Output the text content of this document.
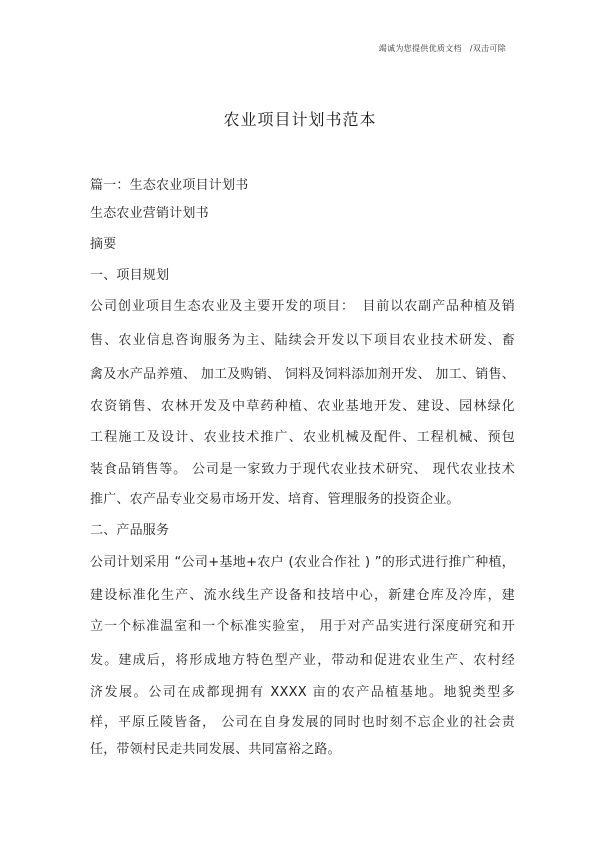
竭诚为您提供优质文档 /双击可除
农业项目计划书范本
篇一：生态农业项目计划书
生态农业营销计划书
摘要
一、项目规划
公司创业项目生态农业及主要开发的项目：　目前以农副产品种植及销
售、农业信息咨询服务为主、陆续会开发以下项目农业技术研发、畜
禽及水产品养殖、 加工及购销、 饲料及饲料添加剂开发、 加工、销售、
农资销售、农林开发及中草药种植、农业基地开发、建设、园林绿化
工程施工及设计、农业技术推广、农业机械及配件、工程机械、预包
装食品销售等。 公司是一家致力于现代农业技术研究、 现代农业技术
推广、农产品专业交易市场开发、培育、管理服务的投资企业。
二、产品服务
公司计划采用 “公司+基地+农户 (农业合作社 ) ”的形式进行推广种植，
建设标准化生产、流水线生产设备和技培中心，新建仓库及冷库，建
立一个标准温室和一个标准实验室， 用于对产品实进行深度研究和开
发。建成后，将形成地方特色型产业，带动和促进农业生产、农村经
济发展。公司在成都现拥有 XXXX 亩的农产品植基地。地貌类型多
样，平原丘陵皆备， 公司在自身发展的同时也时刻不忘企业的社会责
任，带领村民走共同发展、共同富裕之路。
